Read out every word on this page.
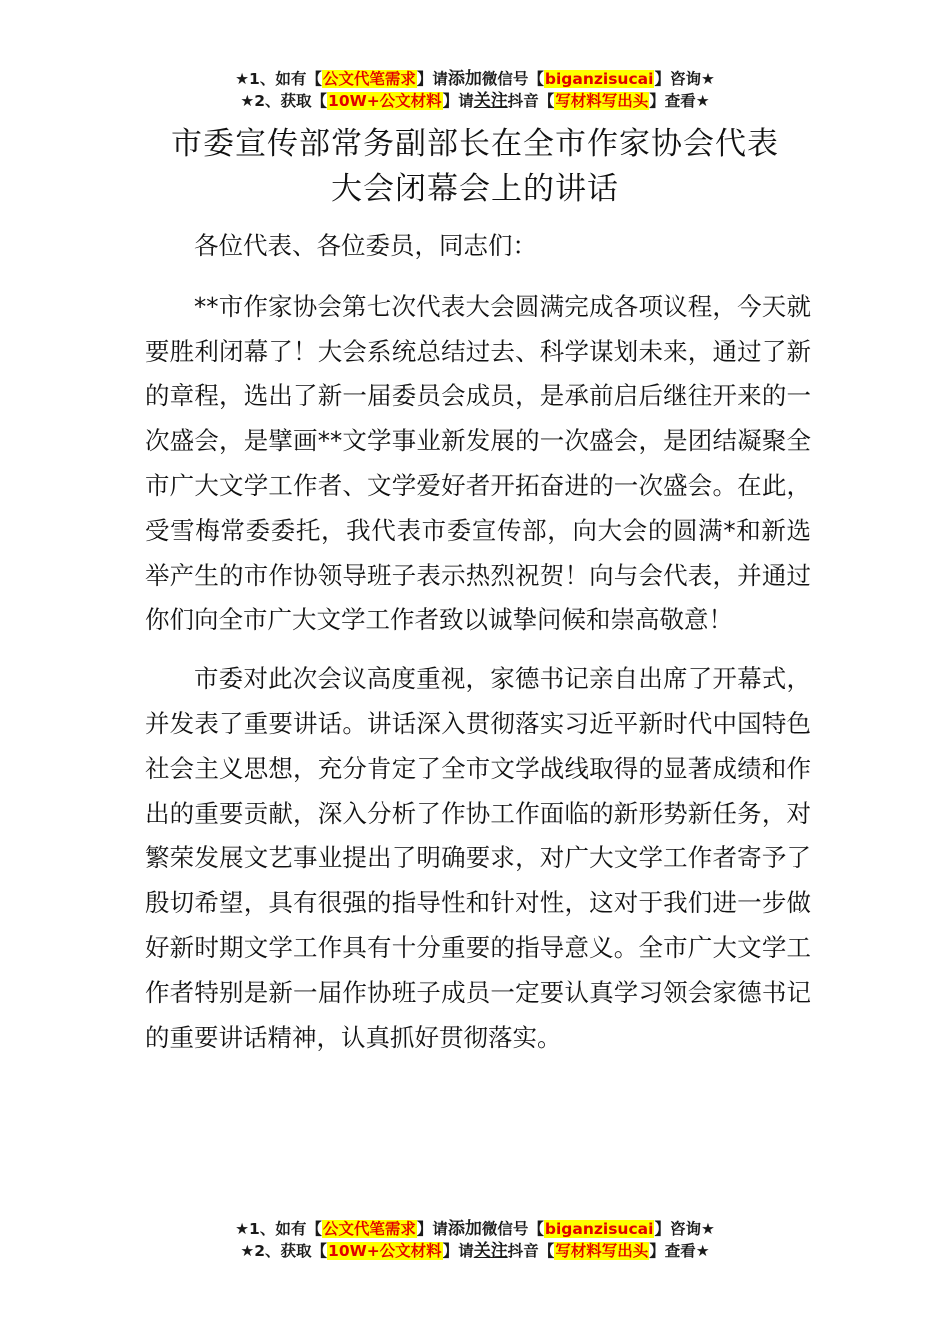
★1、如有【公文代笔需求】请添加微信号【biganzisucai】咨询★
★2、获取【10W+公文材料】请关注抖音【写材料写出头】查看★
市委宣传部常务副部长在全市作家协会代表
大会闭幕会上的讲话

各位代表、各位委员，同志们：

**市作家协会第七次代表大会圆满完成各项议程，今天就要胜利闭幕了！大会系统总结过去、科学谋划未来，通过了新的章程，选出了新一届委员会成员，是承前启后继往开来的一次盛会，是擘画**文学事业新发展的一次盛会，是团结凝聚全市广大文学工作者、文学爱好者开拓奋进的一次盛会。在此，受雪梅常委委托，我代表市委宣传部，向大会的圆满*和新选举产生的市作协领导班子表示热烈祝贺！向与会代表，并通过你们向全市广大文学工作者致以诚挚问候和崇高敬意！

市委对此次会议高度重视，家德书记亲自出席了开幕式，并发表了重要讲话。讲话深入贯彻落实习近平新时代中国特色社会主义思想，充分肯定了全市文学战线取得的显著成绩和作出的重要贡献，深入分析了作协工作面临的新形势新任务，对繁荣发展文艺事业提出了明确要求，对广大文学工作者寄予了殷切希望，具有很强的指导性和针对性，这对于我们进一步做好新时期文学工作具有十分重要的指导意义。全市广大文学工作者特别是新一届作协班子成员一定要认真学习领会家德书记的重要讲话精神，认真抓好贯彻落实。

★1、如有【公文代笔需求】请添加微信号【biganzisucai】咨询★
★2、获取【10W+公文材料】请关注抖音【写材料写出头】查看★
